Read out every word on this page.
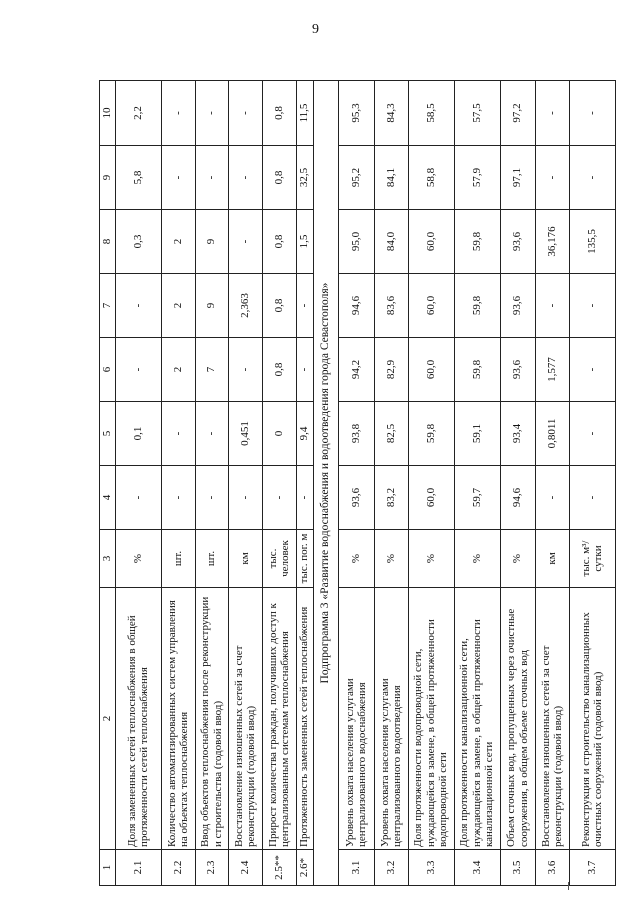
9
1	2	3	4	5	6	7	8	9	10
2.1	Доля замененных сетей теплоснабжения в общей протяженности сетей теплоснабжения	%	-	0,1	-	-	0,3	5,8	2,2
2.2	Количество автоматизированных систем управления на объектах теплоснабжения	шт.	-	-	2	2	2	-	-
2.3	Ввод объектов теплоснабжения после реконструкции и строительства (годовой ввод)	шт.	-	-	7	9	9	-	-
2.4	Восстановление изношенных сетей за счет реконструкции (годовой ввод)	км	-	0,451	-	2,363	-	-	-
2.5**	Прирост количества граждан, получивших доступ к централизованным системам теплоснабжения	тыс. человек	-	0	0,8	0,8	0,8	0,8	0,8
2.6*	Протяженность замененных сетей теплоснабжения	тыс. пог. м	-	9,4	-	-	1,5	32,5	11,5
Подпрограмма 3 «Развитие водоснабжения и водоотведения города Севастополя»									
3.1	Уровень охвата населения услугами централизованного водоснабжения	%	93,6	93,8	94,2	94,6	95,0	95,2	95,3
3.2	Уровень охвата населения услугами централизованного водоотведения	%	83,2	82,5	82,9	83,6	84,0	84,1	84,3
3.3	Доля протяженности водопроводной сети, нуждающейся в замене, в общей протяженности водопроводной сети	%	60,0	59,8	60,0	60,0	60,0	58,8	58,5
3.4	Доля протяженности канализационной сети, нуждающейся в замене, в общей протяженности канализационной сети	%	59,7	59,1	59,8	59,8	59,8	57,9	57,5
3.5	Объем сточных вод, пропущенных через очистные сооружения, в общем объеме сточных вод	%	94,6	93,4	93,6	93,6	93,6	97,1	97,2
3.6	Восстановление изношенных сетей за счет реконструкции (годовой ввод)	км	-	0,8011	1,577	-	36,176	-	-
3.7	Реконструкция и строительство канализационных очистных сооружений (годовой ввод)	тыс. м³/сутки	-	-	-	-	135,5	-	-
